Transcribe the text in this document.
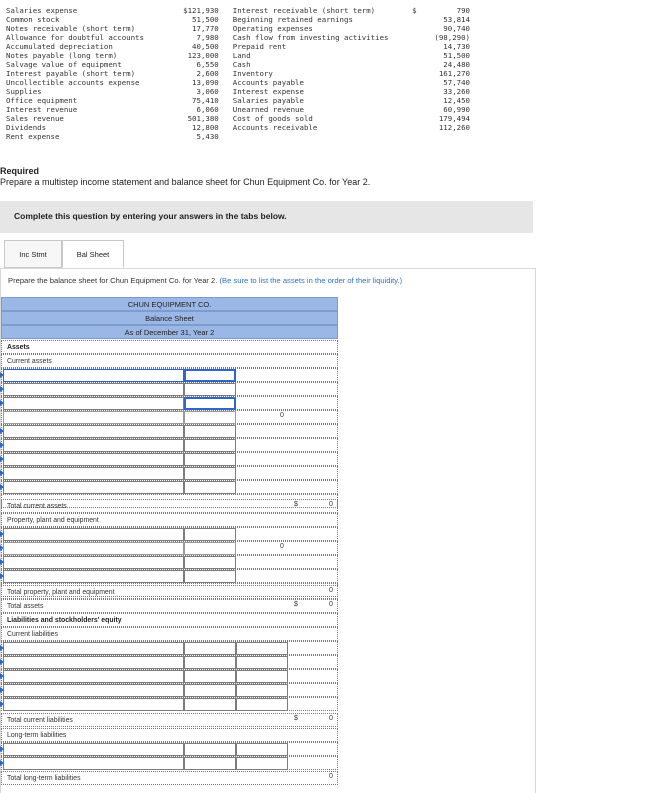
Salaries expense	$121,930	Interest receivable (short term)	$	790
Common stock	51,500	Beginning retained earnings		53,814
Notes receivable (short term)	17,770	Operating expenses		90,740
Allowance for doubtful accounts	7,980	Cash flow from investing activities		(98,290)
Accumulated depreciation	40,500	Prepaid rent		14,730
Notes payable (long term)	123,000	Land		51,500
Salvage value of equipment	6,550	Cash		24,480
Interest payable (short term)	2,600	Inventory		161,270
Uncollectible accounts expense	13,090	Accounts payable		57,740
Supplies	3,060	Interest expense		33,260
Office equipment	75,410	Salaries payable		12,450
Interest revenue	6,060	Unearned revenue		60,990
Sales revenue	501,380	Cost of goods sold		179,494
Dividends	12,800	Accounts receivable		112,260
Rent expense	5,430			
Required
Prepare a multistep income statement and balance sheet for Chun Equipment Co. for Year 2.
Complete this question by entering your answers in the tabs below.
Inc Stmt	Bal Sheet
Prepare the balance sheet for Chun Equipment Co. for Year 2. (Be sure to list the assets in the order of their liquidity.)
CHUN EQUIPMENT CO.
Balance Sheet
As of December 31, Year 2
Assets
Current assets
0
Total current assets	$	0
Property, plant and equipment
0
Total property, plant and equipment	0
Total assets	$	0
Liabilities and stockholders' equity
Current liabilities
Total current liabilities	$	0
Long-term liabilities
Total long-term liabilities	0
